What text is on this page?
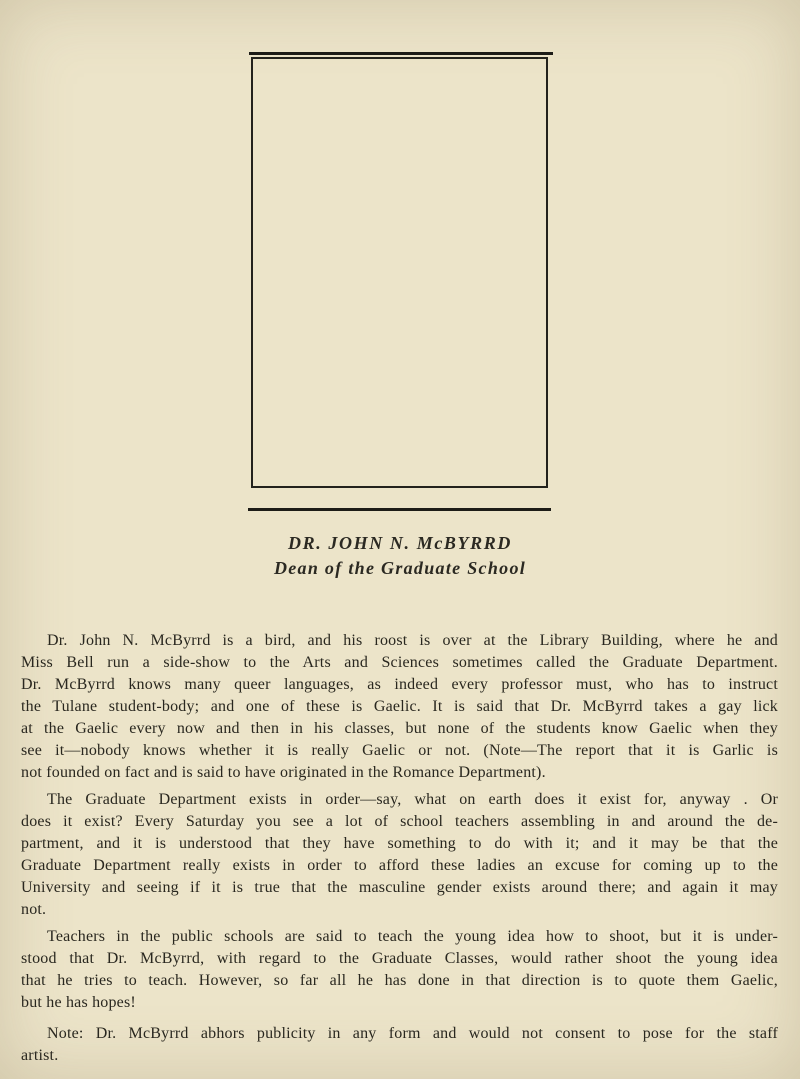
DR. JOHN N. McBYRRD
Dean of the Graduate School
Dr. John N. McByrrd is a bird, and his roost is over at the Library Building, where he and
Miss Bell run a side-show to the Arts and Sciences sometimes called the Graduate Department.
Dr. McByrrd knows many queer languages, as indeed every professor must, who has to instruct
the Tulane student-body; and one of these is Gaelic. It is said that Dr. McByrrd takes a gay lick
at the Gaelic every now and then in his classes, but none of the students know Gaelic when they
see it—nobody knows whether it is really Gaelic or not. (Note—The report that it is Garlic is
not founded on fact and is said to have originated in the Romance Department).
The Graduate Department exists in order—say, what on earth does it exist for, anyway . Or
does it exist? Every Saturday you see a lot of school teachers assembling in and around the de-
partment, and it is understood that they have something to do with it; and it may be that the
Graduate Department really exists in order to afford these ladies an excuse for coming up to the
University and seeing if it is true that the masculine gender exists around there; and again it may
not.
Teachers in the public schools are said to teach the young idea how to shoot, but it is under-
stood that Dr. McByrrd, with regard to the Graduate Classes, would rather shoot the young idea
that he tries to teach. However, so far all he has done in that direction is to quote them Gaelic,
but he has hopes!
Note: Dr. McByrrd abhors publicity in any form and would not consent to pose for the staff
artist.
